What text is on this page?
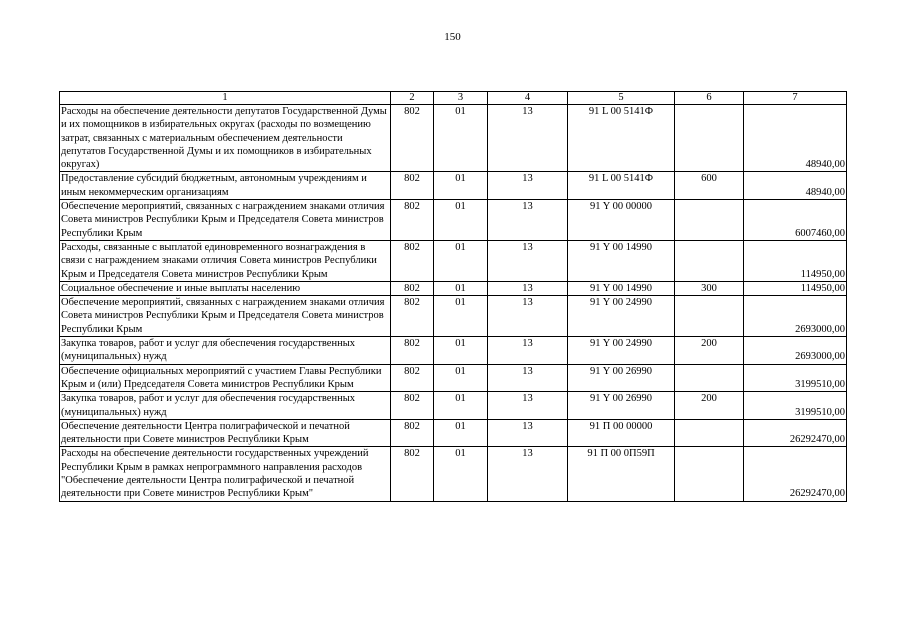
150
1	2	3	4	5	6	7
Расходы на обеспечение деятельности депутатов Государственной Думы и их помощников в избирательных округах (расходы по возмещению затрат, связанных с материальным обеспечением деятельности депутатов Государственной Думы и их помощников в избирательных округах)	802	01	13	91 L 00 5141Ф		48940,00
Предоставление субсидий бюджетным, автономным учреждениям и иным некоммерческим организациям	802	01	13	91 L 00 5141Ф	600	48940,00
Обеспечение мероприятий, связанных с награждением знаками отличия Совета министров Республики Крым и Председателя Совета министров Республики Крым	802	01	13	91 Y 00 00000		6007460,00
Расходы, связанные с выплатой единовременного вознаграждения в связи с награждением знаками отличия Совета министров Республики Крым и Председателя Совета министров Республики Крым	802	01	13	91 Y 00 14990		114950,00
Социальное обеспечение и иные выплаты населению	802	01	13	91 Y 00 14990	300	114950,00
Обеспечение мероприятий, связанных с награждением знаками отличия Совета министров Республики Крым и Председателя Совета министров Республики Крым	802	01	13	91 Y 00 24990		2693000,00
Закупка товаров, работ и услуг для обеспечения государственных (муниципальных) нужд	802	01	13	91 Y 00 24990	200	2693000,00
Обеспечение официальных мероприятий с участием Главы Республики Крым и (или) Председателя Совета министров Республики Крым	802	01	13	91 Y 00 26990		3199510,00
Закупка товаров, работ и услуг для обеспечения государственных (муниципальных) нужд	802	01	13	91 Y 00 26990	200	3199510,00
Обеспечение деятельности Центра полиграфической и печатной деятельности при Совете министров Республики Крым	802	01	13	91 П 00 00000		26292470,00
Расходы на обеспечение деятельности государственных учреждений Республики Крым в рамках непрограммного направления расходов "Обеспечение деятельности Центра полиграфической и печатной деятельности при Совете министров Республики Крым"	802	01	13	91 П 00 0П59П		26292470,00
